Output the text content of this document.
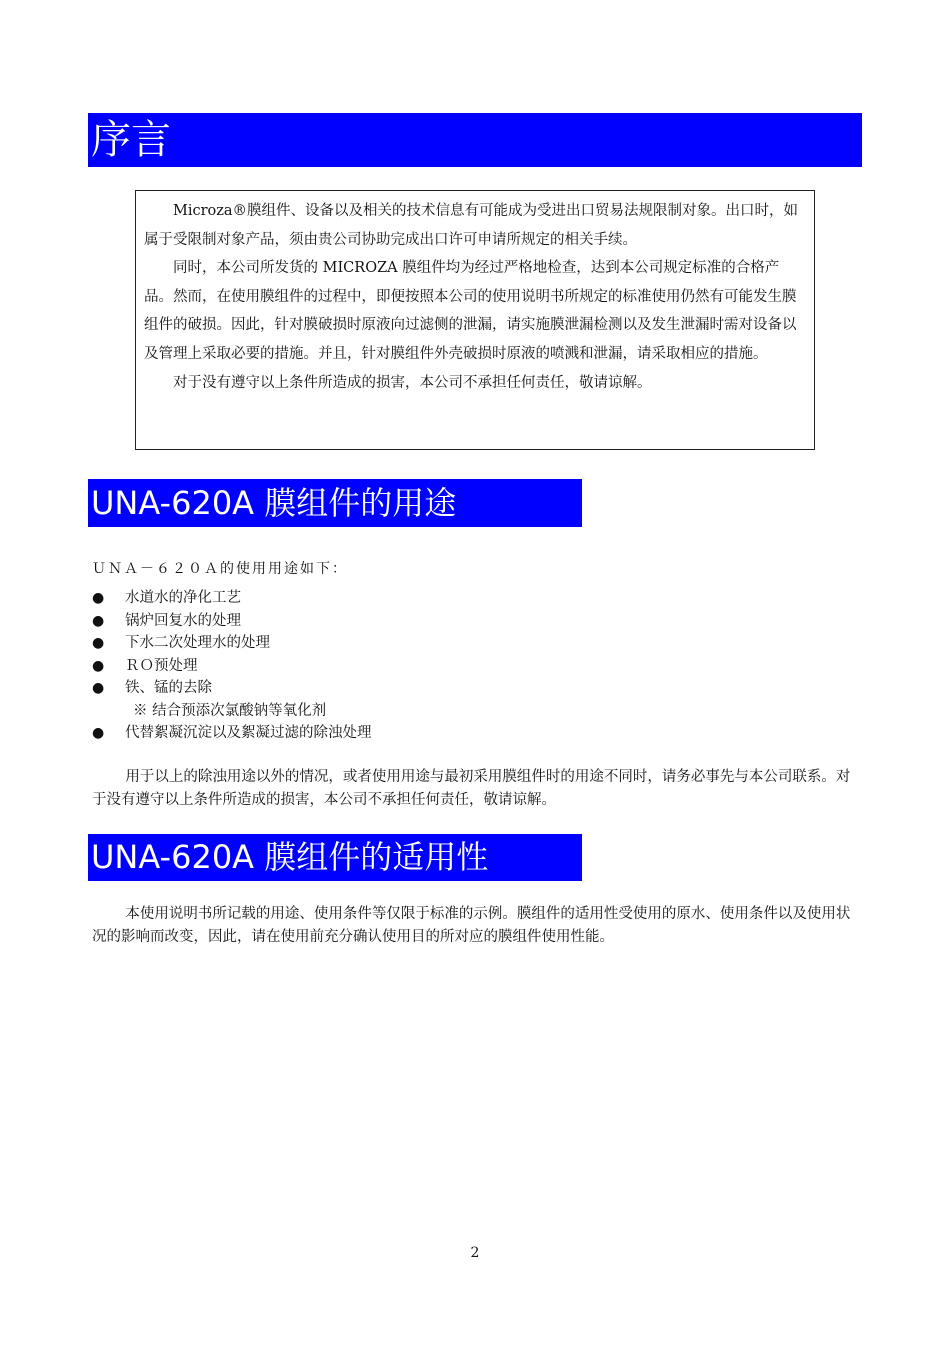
序言

Microza®膜组件、设备以及相关的技术信息有可能成为受进出口贸易法规限制对象。出口时，如属于受限制对象产品，须由贵公司协助完成出口许可申请所规定的相关手续。

同时，本公司所发货的 MICROZA 膜组件均为经过严格地检查，达到本公司规定标准的合格产品。然而，在使用膜组件的过程中，即便按照本公司的使用说明书所规定的标准使用仍然有可能发生膜组件的破损。因此，针对膜破损时原液向过滤侧的泄漏，请实施膜泄漏检测以及发生泄漏时需对设备以及管理上采取必要的措施。并且，针对膜组件外壳破损时原液的喷溅和泄漏，请采取相应的措施。

对于没有遵守以上条件所造成的损害，本公司不承担任何责任，敬请谅解。

UNA-620A 膜组件的用途
ＵＮＡ－６２０Ａ的使用用途如下：
● 水道水的净化工艺
● 锅炉回复水的处理
● 下水二次处理水的处理
● ＲＯ预处理
● 铁、锰的去除
※ 结合预添次氯酸钠等氧化剂
● 代替絮凝沉淀以及絮凝过滤的除浊处理

用于以上的除浊用途以外的情况，或者使用用途与最初采用膜组件时的用途不同时，请务必事先与本公司联系。对于没有遵守以上条件所造成的损害，本公司不承担任何责任，敬请谅解。

UNA-620A 膜组件的适用性

本使用说明书所记载的用途、使用条件等仅限于标准的示例。膜组件的适用性受使用的原水、使用条件以及使用状况的影响而改变，因此，请在使用前充分确认使用目的所对应的膜组件使用性能。

2
